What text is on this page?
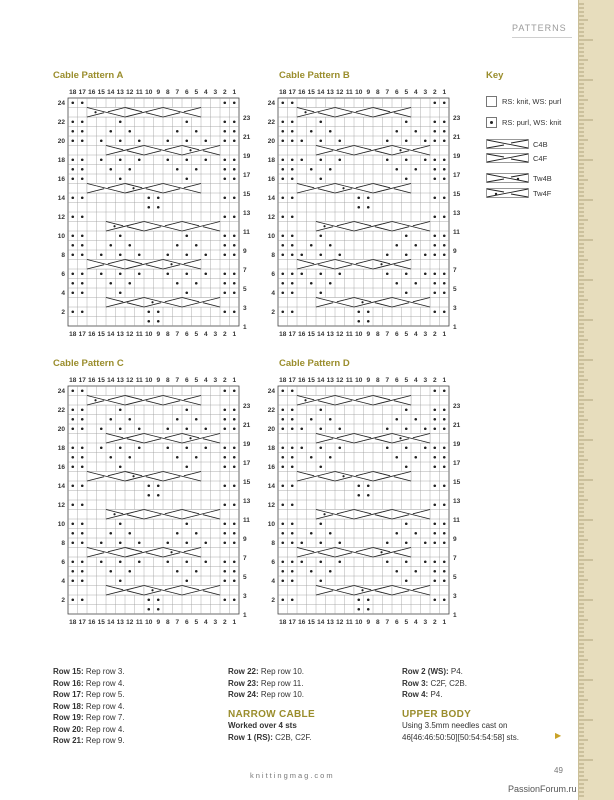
PATTERNS
Cable Pattern A	Cable Pattern B
Cable Pattern C	Cable Pattern D
18
18
17
17
16
16
15
15
14
14
13
13
12
12
11
11
10
10
9
9
8
8
7
7
6
6
5
5
4
4
3
3
2
2
1
1
24
22
20
18
16
14
12
10
8
6
4
2
23
21
19
17
15
13
11
9
7
5
3
1
18
18
17
17
16
16
15
15
14
14
13
13
12
12
11
11
10
10
9
9
8
8
7
7
6
6
5
5
4
4
3
3
2
2
1
1
24
22
20
18
16
14
12
10
8
6
4
2
23
21
19
17
15
13
11
9
7
5
3
1
18
18
17
17
16
16
15
15
14
14
13
13
12
12
11
11
10
10
9
9
8
8
7
7
6
6
5
5
4
4
3
3
2
2
1
1
24
22
20
18
16
14
12
10
8
6
4
2
23
21
19
17
15
13
11
9
7
5
3
1
18
18
17
17
16
16
15
15
14
14
13
13
12
12
11
11
10
10
9
9
8
8
7
7
6
6
5
5
4
4
3
3
2
2
1
1
24
22
20
18
16
14
12
10
8
6
4
2
23
21
19
17
15
13
11
9
7
5
3
1
Key
RS: knit, WS: purl
RS: purl, WS: knit
C4B
C4F
Tw4B
Tw4F

Row 15: Rep row 3.

Row 16: Rep row 4.

Row 17: Rep row 5.

Row 18: Rep row 4.

Row 19: Rep row 7.

Row 20: Rep row 4.

Row 21: Rep row 9.

Row 22: Rep row 10.

Row 23: Rep row 11.

Row 24: Rep row 10.

NARROW CABLE

Worked over 4 sts

Row 1 (RS): C2B, C2F.

Row 2 (WS): P4.

Row 3: C2F, C2B.

Row 4: P4.

UPPER BODY

Using 3.5mm needles cast on

46[46:46:50:50][50:54:54:58] sts.	▶
knittingmag.com
49
PassionForum.ru
